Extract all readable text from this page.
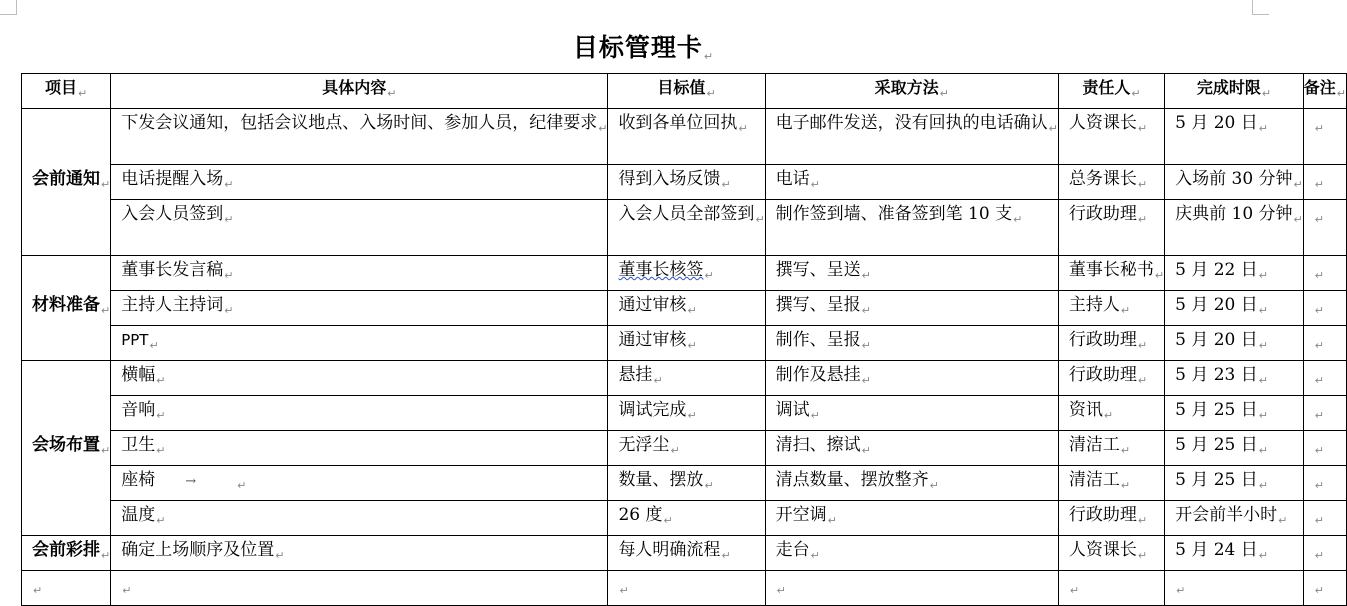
目标管理卡↵
项目$_↵$	具体内容$_↵$	目标值$_↵$	采取方法$_↵$	责任人$_↵$	完成时限$_↵$	备注$_↵$
会前通知$_↵$	下发会议通知，包括会议地点、入场时间、参加人员，纪律要求$_↵$	收到各单位回执$_↵$	电子邮件发送，没有回执的电话确认$_↵$	人资课长$_↵$	5 月 20 日$_↵$	$_↵$
	电话提醒入场$_↵$	得到入场反馈$_↵$	电话$_↵$	总务课长$_↵$	入场前 30 分钟$_↵$	$_↵$
	入会人员签到$_↵$	入会人员全部签到$_↵$	制作签到墙、准备签到笔 10 支$_↵$	行政助理$_↵$	庆典前 10 分钟$_↵$	$_↵$
材料准备$_↵$	董事长发言稿$_↵$	董事长核签$_↵$	撰写、呈送$_↵$	董事长秘书$_↵$	5 月 22 日$_↵$	$_↵$
	主持人主持词$_↵$	通过审核$_↵$	撰写、呈报$_↵$	主持人$_↵$	5 月 20 日$_↵$	$_↵$
	$PPT_↵$	通过审核$_↵$	制作、呈报$_↵$	行政助理$_↵$	5 月 20 日$_↵$	$_↵$
会场布置$_↵$	横幅$_↵$	悬挂$_↵$	制作及悬挂$_↵$	行政助理$_↵$	5 月 23 日$_↵$	$_↵$
	音响$_↵$	调试完成$_↵$	调试$_↵$	资讯$_↵$	5 月 25 日$_↵$	$_↵$
	卫生$_↵$	无浮尘$_↵$	清扫、擦试$_↵$	清洁工$_↵$	5 月 25 日$_↵$	$_↵$
	座椅 → $_↵$	数量、摆放$_↵$	清点数量、摆放整齐$_↵$	清洁工$_↵$	5 月 25 日$_↵$	$_↵$
	温度$_↵$	26 度$_↵$	开空调$_↵$	行政助理$_↵$	开会前半小时$_↵$	$_↵$
会前彩排$_↵$	确定上场顺序及位置$_↵$	每人明确流程$_↵$	走台$_↵$	人资课长$_↵$	5 月 24 日$_↵$	$_↵$
$_↵$	$_↵$	$_↵$	$_↵$	$_↵$	$_↵$	$_↵$
